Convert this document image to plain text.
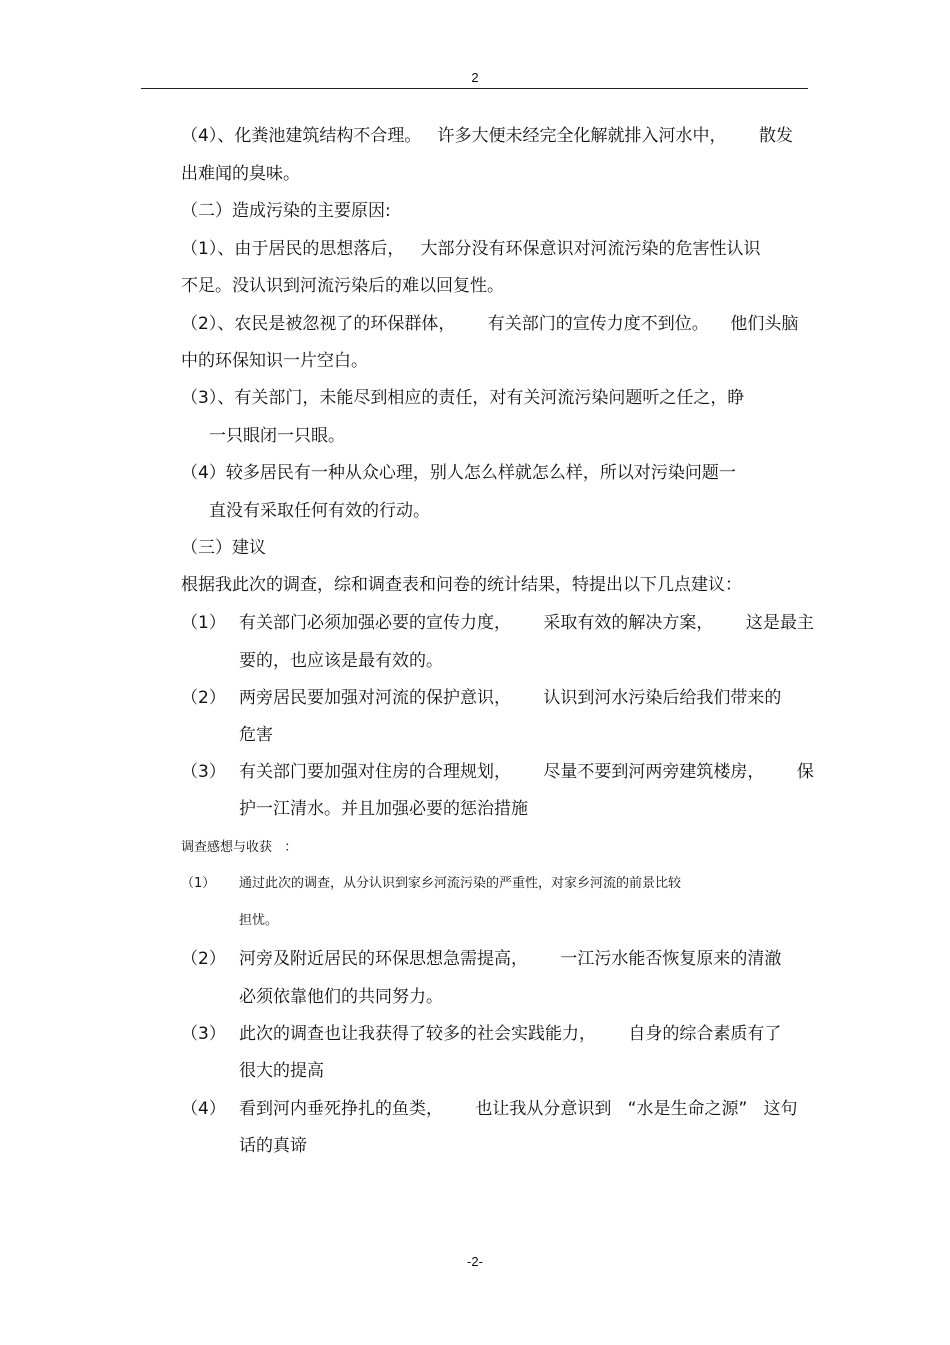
2
（4）、化粪池建筑结构不合理。   许多大便未经完全化解就排入河水中，      散发
出难闻的臭味。
（二）造成污染的主要原因:
（1）、由于居民的思想落后，   大部分没有环保意识对河流污染的危害性认识
不足。没认识到河流污染后的难以回复性。
（2）、农民是被忽视了的环保群体，      有关部门的宣传力度不到位。    他们头脑
中的环保知识一片空白。
（3）、有关部门，未能尽到相应的责任，对有关河流污染问题听之任之，睁
一只眼闭一只眼。
（4）较多居民有一种从众心理，别人怎么样就怎么样，所以对污染问题一
直没有采取任何有效的行动。
（三）建议
根据我此次的调查，综和调查表和问卷的统计结果，特提出以下几点建议：
（1） 有关部门必须加强必要的宣传力度，      采取有效的解决方案，      这是最主
要的，也应该是最有效的。
（2） 两旁居民要加强对河流的保护意识，      认识到河水污染后给我们带来的
危害
（3） 有关部门要加强对住房的合理规划，      尽量不要到河两旁建筑楼房，      保
护一江清水。并且加强必要的惩治措施
调查感想与收获   ：
（1） 通过此次的调查，从分认识到家乡河流污染的严重性，对家乡河流的前景比较
担忧。
（2） 河旁及附近居民的环保思想急需提高，      一江污水能否恢复原来的清澈
必须依靠他们的共同努力。
（3） 此次的调查也让我获得了较多的社会实践能力，      自身的综合素质有了
很大的提高
（4） 看到河内垂死挣扎的鱼类，      也让我从分意识到   “水是生命之源”   这句
话的真谛
-2-
